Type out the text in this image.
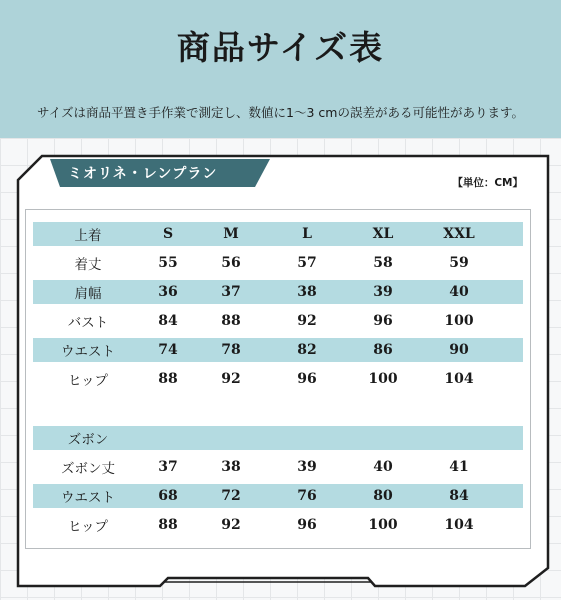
商品サイズ表
サイズは商品平置き手作業で測定し、数値に1～3 cmの誤差がある可能性があります。
ミオリネ・レンプラン
【単位：CM】
上着	S	M	L	XL	XXL
着丈	55	56	57	58	59
肩幅	36	37	38	39	40
バスト	84	88	92	96	100
ウエスト	74	78	82	86	90
ヒップ	88	92	96	100	104
ズボン
ズボン丈	37	38	39	40	41
ウエスト	68	72	76	80	84
ヒップ	88	92	96	100	104
